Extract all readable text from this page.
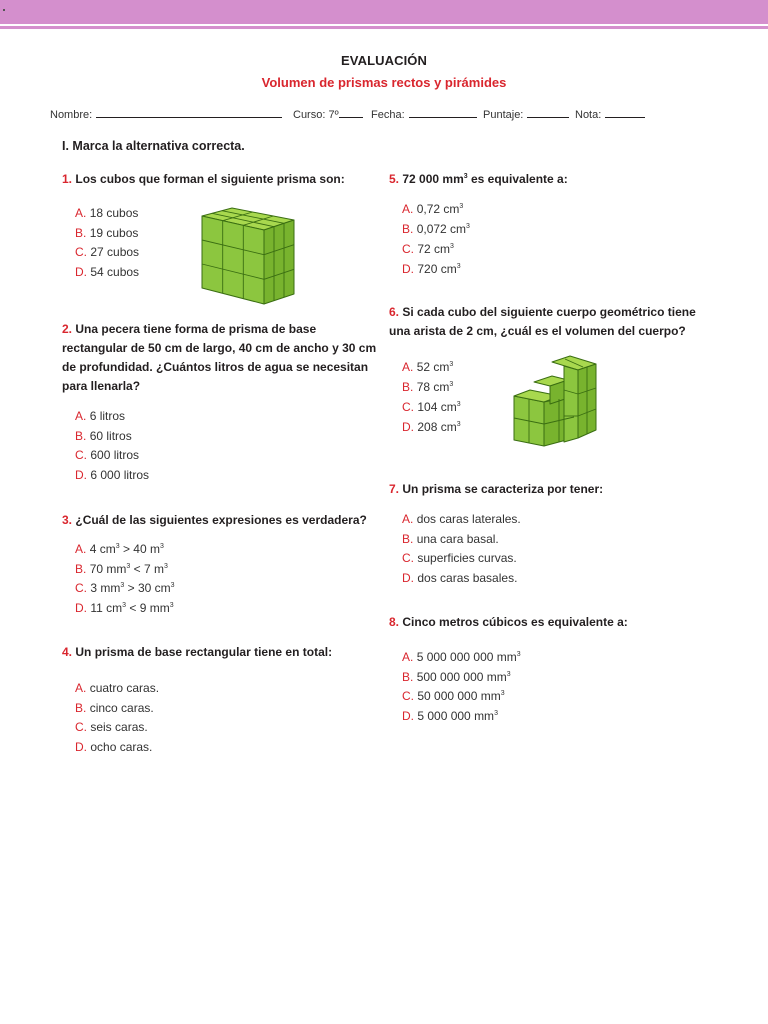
EVALUACIÓN
Volumen de prismas rectos y pirámides
Nombre:	Curso: 7º	Fecha:	Puntaje:	Nota:
I. Marca la alternativa correcta.
1. Los cubos que forman el siguiente prisma son:
A. 18 cubos
B. 19 cubos
C. 27 cubos
D. 54 cubos
2. Una pecera tiene forma de prisma de base rectangular de 50 cm de largo, 40 cm de ancho y 30 cm de profundidad. ¿Cuántos litros de agua se necesitan para llenarla?
A. 6 litros
B. 60 litros
C. 600 litros
D. 6 000 litros
3. ¿Cuál de las siguientes expresiones es verdadera?
A. 4 $cm^3 > 40$ $m^3$
B. 70 $mm^3 < 7$ $m^3$
C. 3 $mm^3 > 30$ $cm^3$
D. 11 $cm^3 < 9$ $mm^3$
4. Un prisma de base rectangular tiene en total:
A. cuatro caras.
B. cinco caras.
C. seis caras.
D. ocho caras.
5. 72 000 $mm^3$ es equivalente a:
A. 0,72 $cm^3$
B. 0,072 $cm^3$
C. 72 $cm^3$
D. 720 $cm^3$
6. Si cada cubo del siguiente cuerpo geométrico tiene una arista de 2 cm, ¿cuál es el volumen del cuerpo?
A. 52 $cm^3$
B. 78 $cm^3$
C. 104 $cm^3$
D. 208 $cm^3$
7. Un prisma se caracteriza por tener:
A. dos caras laterales.
B. una cara basal.
C. superficies curvas.
D. dos caras basales.
8. Cinco metros cúbicos es equivalente a:
A. 5 000 000 000 $mm^3$
B. 500 000 000 $mm^3$
C. 50 000 000 $mm^3$
D. 5 000 000 $mm^3$
